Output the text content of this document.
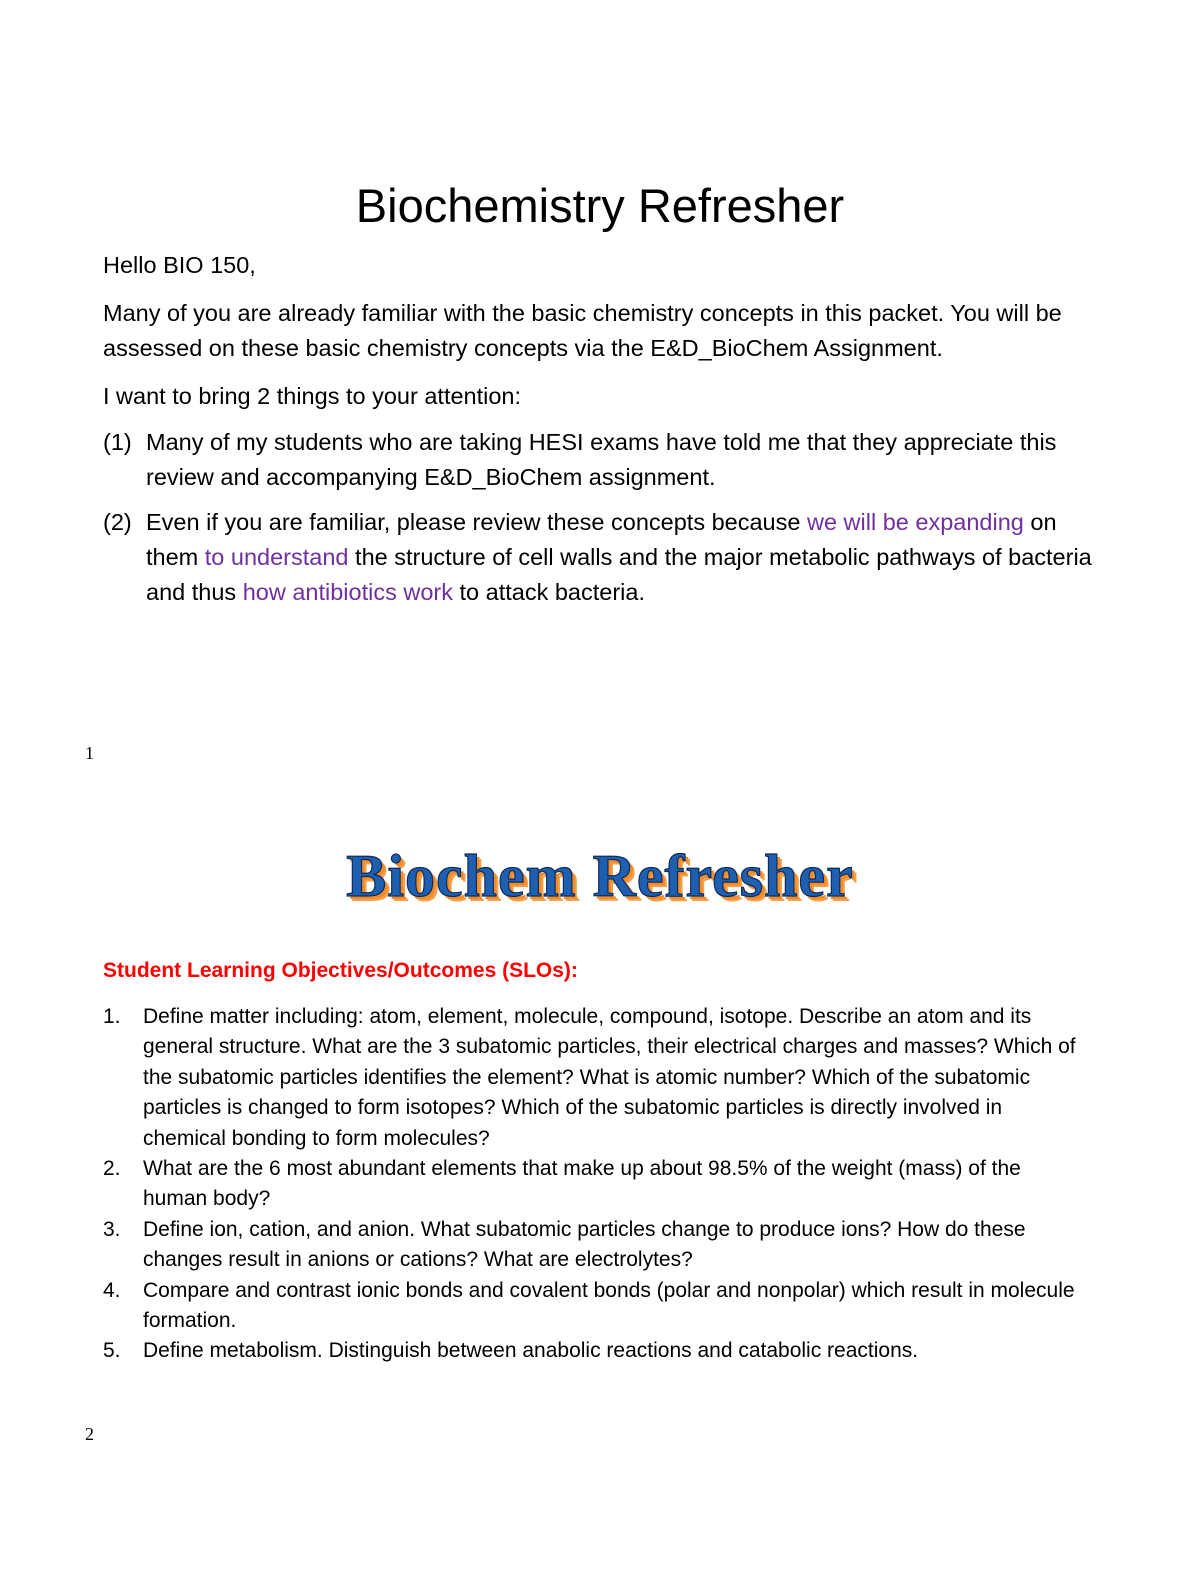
Biochemistry Refresher

Hello BIO 150,

Many of you are already familiar with the basic chemistry concepts in this packet. You will be assessed on these basic chemistry concepts via the E&D_BioChem Assignment.

I want to bring 2 things to your attention:

(1) Many of my students who are taking HESI exams have told me that they appreciate this review and accompanying E&D_BioChem assignment.

(2) Even if you are familiar, please review these concepts because we will be expanding on them to understand the structure of cell walls and the major metabolic pathways of bacteria and thus how antibiotics work to attack bacteria.

1
Biochem Refresher
Student Learning Objectives/Outcomes (SLOs):
1. Define matter including: atom, element, molecule, compound, isotope. Describe an atom and its general structure. What are the 3 subatomic particles, their electrical charges and masses? Which of the subatomic particles identifies the element? What is atomic number? Which of the subatomic particles is changed to form isotopes? Which of the subatomic particles is directly involved in chemical bonding to form molecules?
2. What are the 6 most abundant elements that make up about 98.5% of the weight (mass) of the human body?
3. Define ion, cation, and anion. What subatomic particles change to produce ions? How do these changes result in anions or cations? What are electrolytes?
4. Compare and contrast ionic bonds and covalent bonds (polar and nonpolar) which result in molecule formation.
5. Define metabolism. Distinguish between anabolic reactions and catabolic reactions.
2
